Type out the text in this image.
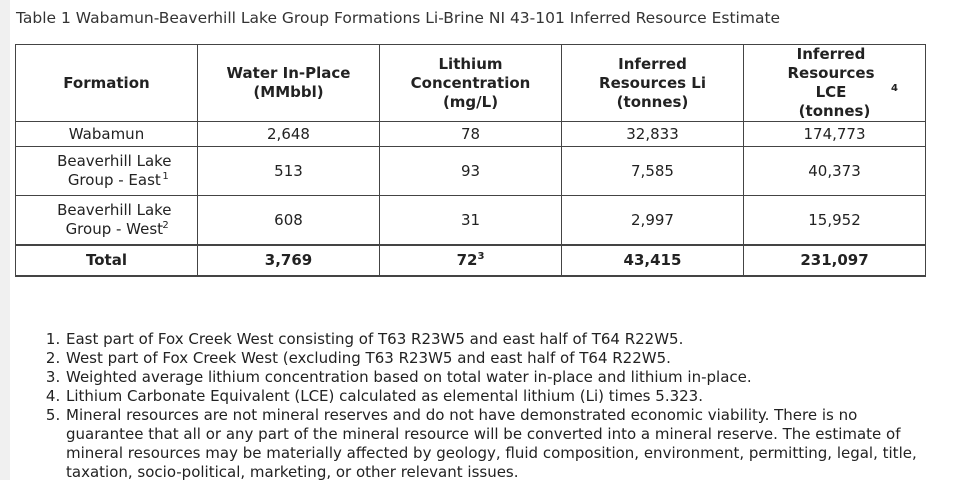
Table 1 Wabamun-Beaverhill Lake Group Formations Li-Brine NI 43-101 Inferred Resource Estimate
Formation	Water In-Place (MMbbl)	Lithium Concentration (mg/L)	Inferred Resources Li (tonnes)	Inferred Resources LCE $^4$ (tonnes)
Wabamun	2,648	78	32,833	174,773
Beaverhill Lake Group - East $^1$	513	93	7,585	40,373
Beaverhill Lake Group - West$^2$	608	31	2,997	15,952
Total	3,769	$72^3$	43,415	231,097
1. East part of Fox Creek West consisting of T63 R23W5 and east half of T64 R22W5.
2. West part of Fox Creek West (excluding T63 R23W5 and east half of T64 R22W5.
3. Weighted average lithium concentration based on total water in-place and lithium in-place.
4. Lithium Carbonate Equivalent (LCE) calculated as elemental lithium (Li) times 5.323.
5. Mineral resources are not mineral reserves and do not have demonstrated economic viability. There is no guarantee that all or any part of the mineral resource will be converted into a mineral reserve. The estimate of mineral resources may be materially affected by geology, fluid composition, environment, permitting, legal, title, taxation, socio-political, marketing, or other relevant issues.
